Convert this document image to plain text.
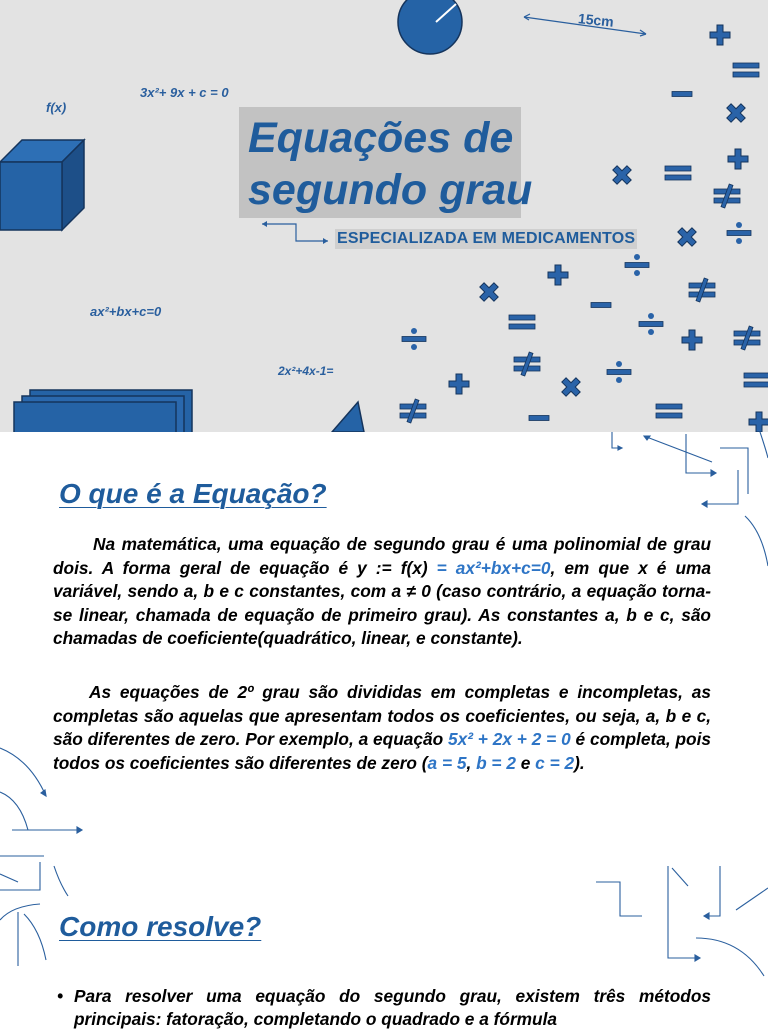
Equações de
segundo grau
ESPECIALIZADA EM MEDICAMENTOS
15cm
f(x)
3x²+ 9x + c = 0
ax²+bx+c=0
2x²+4x-1=
O que é a Equação?

Na matemática, uma equação de segundo grau é uma polinomial de grau dois. A forma geral de equação é y := f(x) = ax²+bx+c=0, em que x é uma variável, sendo a, b e c constantes, com a ≠ 0 (caso contrário, a equação torna-se linear, chamada de equação de primeiro grau). As constantes a, b e c, são chamadas de coeficiente(quadrático, linear, e constante).

As equações de 2º grau são divididas em completas e incompletas, as completas são aquelas que apresentam todos os coeficientes, ou seja, a, b e c, são diferentes de zero. Por exemplo, a equação 5x² + 2x + 2 = 0 é completa, pois todos os coeficientes são diferentes de zero (a = 5, b = 2 e c = 2).

Como resolve?
• Para resolver uma equação do segundo grau, existem três métodos principais: fatoração, completando o quadrado e a fórmula
